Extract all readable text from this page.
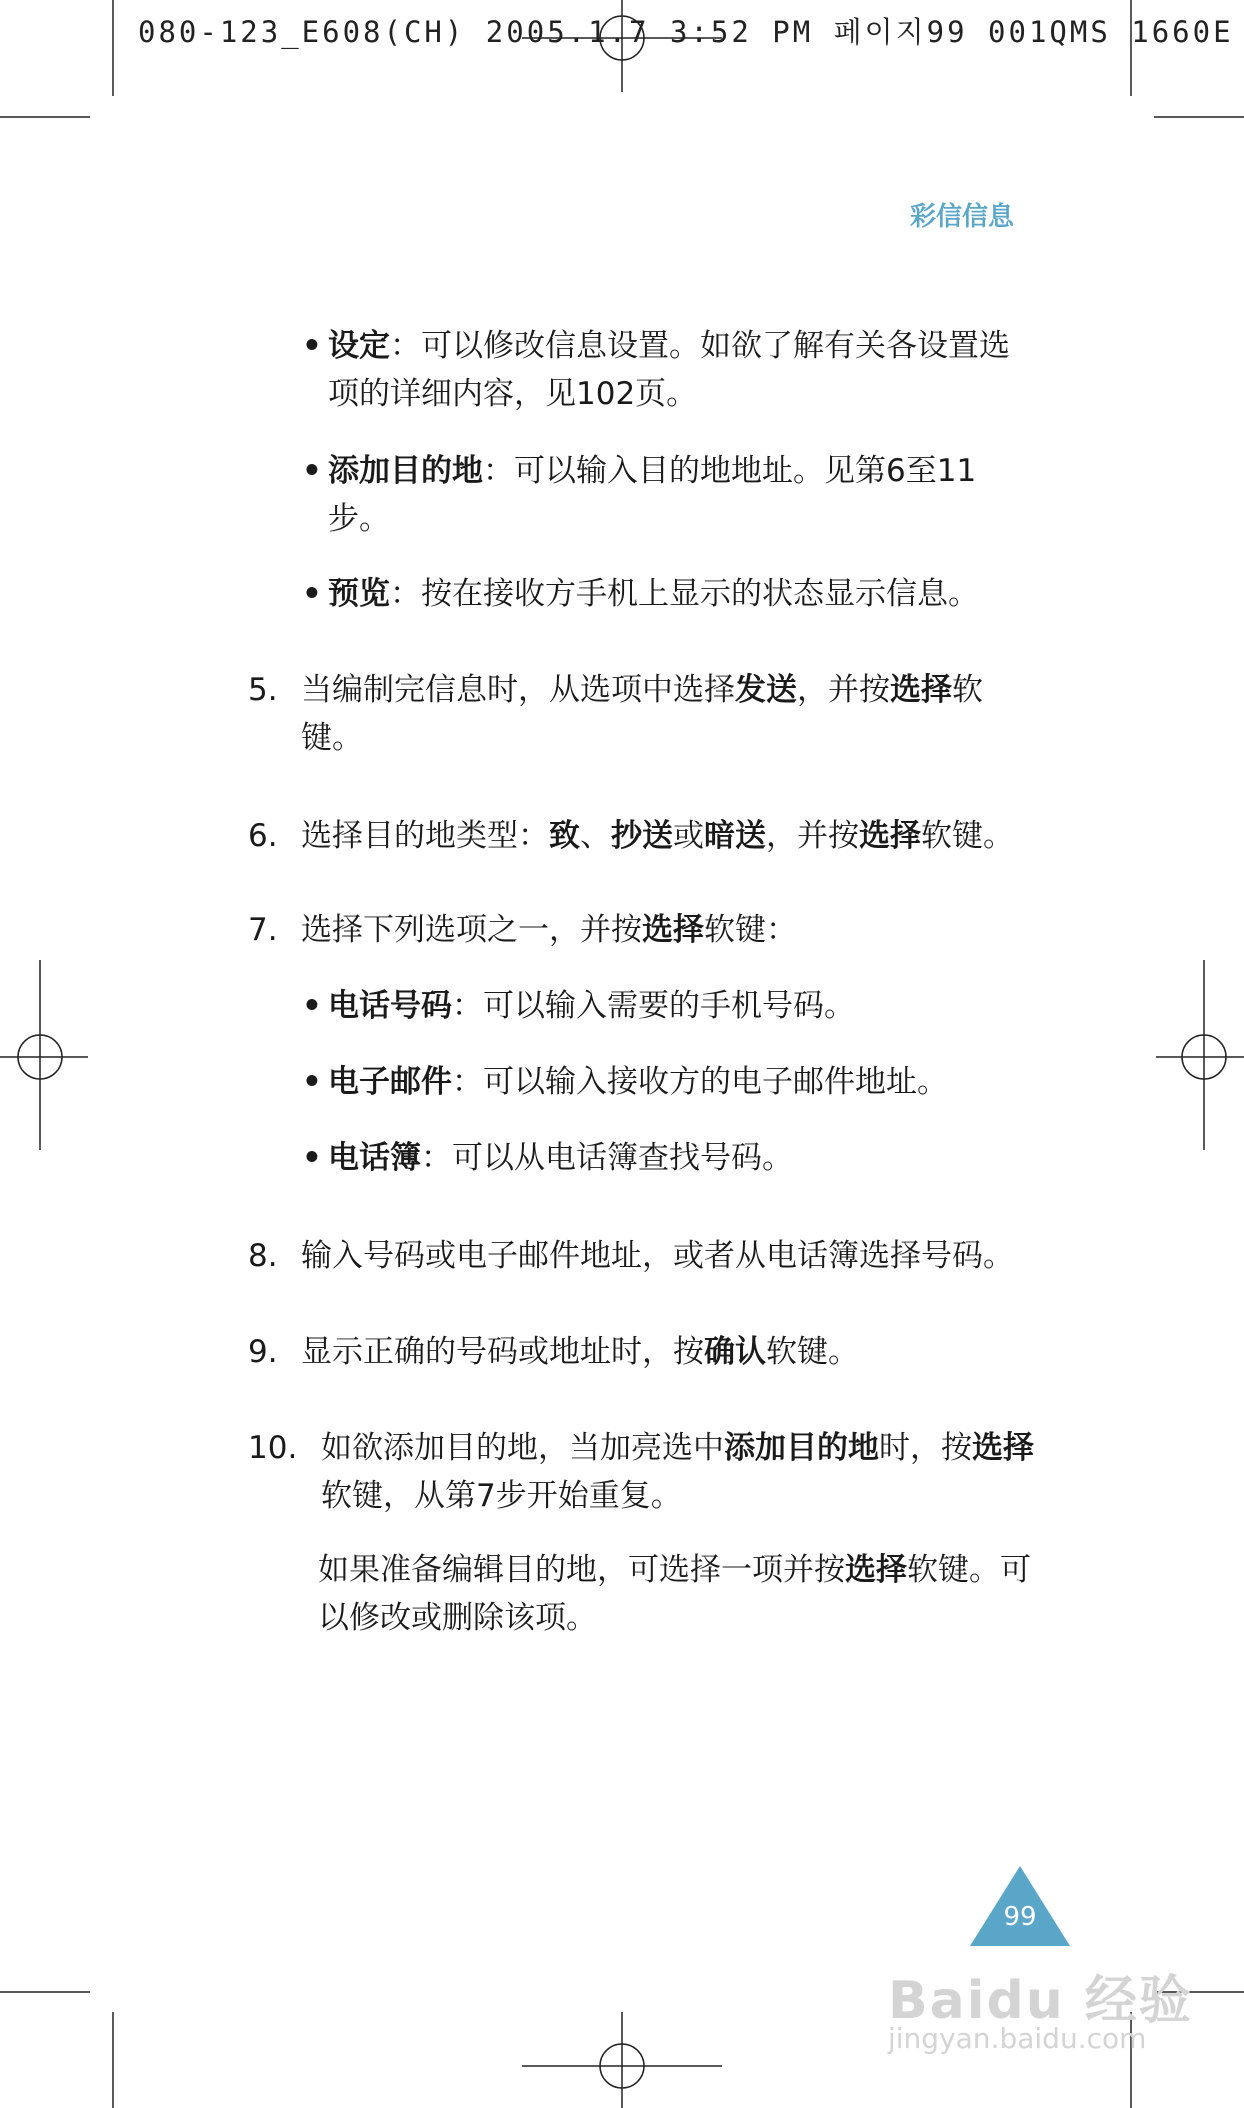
080-123_E608(CH) 2005.1.7 3:52 PM 페이지99 001QMS 1660E
彩信信息
• 设定：可以修改信息设置。如欲了解有关各设置选项的详细内容，见102页。
• 添加目的地：可以输入目的地地址。见第6至11步。
• 预览：按在接收方手机上显示的状态显示信息。
5. 当编制完信息时，从选项中选择发送，并按选择软键。
6. 选择目的地类型：致、抄送或暗送，并按选择软键。
7. 选择下列选项之一，并按选择软键：
• 电话号码：可以输入需要的手机号码。
• 电子邮件：可以输入接收方的电子邮件地址。
• 电话簿：可以从电话簿查找号码。
8. 输入号码或电子邮件地址，或者从电话簿选择号码。
9. 显示正确的号码或地址时，按确认软键。
10. 如欲添加目的地，当加亮选中添加目的地时，按选择软键，从第7步开始重复。
如果准备编辑目的地，可选择一项并按选择软键。可以修改或删除该项。
99
Baidu 经验
jingyan.baidu.com
